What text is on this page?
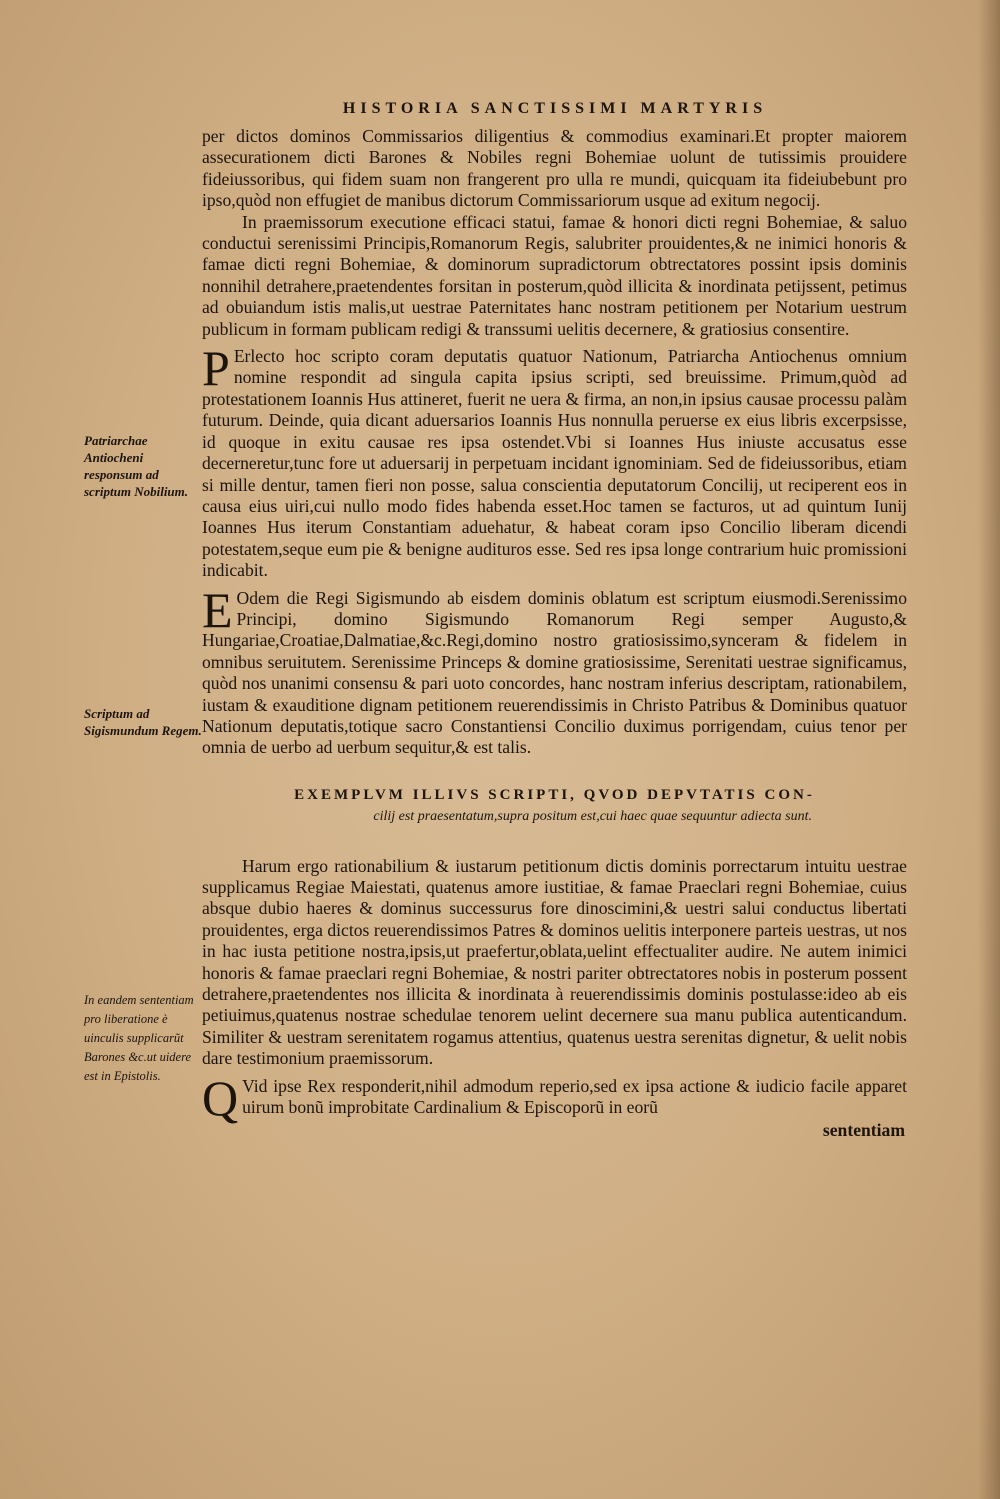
HISTORIA SANCTISSIMI MARTYRIS
Patriarchae Antiocheni responsum ad scriptum Nobilium.
Scriptum ad Sigismundum Regem.
In eandem sententiam pro liberatione è uinculis supplicarũt Barones &c.ut uidere est in Epistolis.

per dictos dominos Commissarios diligentius & commodius examinari.Et propter maiorem assecurationem dicti Barones & Nobiles regni Bohemiae uolunt de tutissimis prouidere fideiussoribus, qui fidem suam non frangerent pro ulla re mundi, quicquam ita fideiubebunt pro ipso,quòd non effugiet de manibus dictorum Commissariorum usque ad exitum negocij.

In praemissorum executione efficaci statui, famae & honori dicti regni Bohemiae, & saluo conductui serenissimi Principis,Romanorum Regis, salubriter prouidentes,& ne inimici honoris & famae dicti regni Bohemiae, & dominorum supradictorum obtrectatores possint ipsis dominis nonnihil detrahere,praetendentes forsitan in posterum,quòd illicita & inordinata petijssent, petimus ad obuiandum istis malis,ut uestrae Paternitates hanc nostram petitionem per Notarium uestrum publicum in formam publicam redigi & transsumi uelitis decernere, & gratiosius consentire.

P Erlecto hoc scripto coram deputatis quatuor Nationum, Patriarcha Antiochenus omnium nomine respondit ad singula capita ipsius scripti, sed breuissime. Primum,quòd ad protestationem Ioannis Hus attineret, fuerit ne uera & firma, an non,in ipsius causae processu palàm futurum. Deinde, quia dicant aduersarios Ioannis Hus nonnulla peruerse ex eius libris excerpsisse, id quoque in exitu causae res ipsa ostendet.Vbi si Ioannes Hus iniuste accusatus esse decerneretur,tunc fore ut aduersarij in perpetuam incidant ignominiam. Sed de fideiussoribus, etiam si mille dentur, tamen fieri non posse, salua conscientia deputatorum Concilij, ut reciperent eos in causa eius uiri,cui nullo modo fides habenda esset.Hoc tamen se facturos, ut ad quintum Iunij Ioannes Hus iterum Constantiam aduehatur, & habeat coram ipso Concilio liberam dicendi potestatem,seque eum pie & benigne audituros esse. Sed res ipsa longe contrarium huic promissioni indicabit.

E Odem die Regi Sigismundo ab eisdem dominis oblatum est scriptum eiusmodi.Serenissimo Principi, domino Sigismundo Romanorum Regi semper Augusto,& Hungariae,Croatiae,Dalmatiae,&c.Regi,domino nostro gratiosissimo,synceram & fidelem in omnibus seruitutem. Serenissime Princeps & domine gratiosissime, Serenitati uestrae significamus, quòd nos unanimi consensu & pari uoto concordes, hanc nostram inferius descriptam, rationabilem, iustam & exauditione dignam petitionem reuerendissimis in Christo Patribus & Dominibus quatuor Nationum deputatis,totique sacro Constantiensi Concilio duximus porrigendam, cuius tenor per omnia de uerbo ad uerbum sequitur,& est talis.

EXEMPLVM ILLIVS SCRIPTI, QVOD DEPVTATIS CON-

cilij est praesentatum,supra positum est,cui haec quae sequuntur adiecta sunt.

Harum ergo rationabilium & iustarum petitionum dictis dominis porrectarum intuitu uestrae supplicamus Regiae Maiestati, quatenus amore iustitiae, & famae Praeclari regni Bohemiae, cuius absque dubio haeres & dominus successurus fore dinoscimini,& uestri salui conductus libertati prouidentes, erga dictos reuerendissimos Patres & dominos uelitis interponere parteis uestras, ut nos in hac iusta petitione nostra,ipsis,ut praefertur,oblata,uelint effectualiter audire. Ne autem inimici honoris & famae praeclari regni Bohemiae, & nostri pariter obtrectatores nobis in posterum possent detrahere,praetendentes nos illicita & inordinata à reuerendissimis dominis postulasse:ideo ab eis petiuimus,quatenus nostrae schedulae tenorem uelint decernere sua manu publica autenticandum. Similiter & uestram serenitatem rogamus attentius, quatenus uestra serenitas dignetur, & uelit nobis dare testimonium praemissorum.

Q Vid ipse Rex responderit,nihil admodum reperio,sed ex ipsa actione & iudicio facile apparet uirum bonũ improbitate Cardinalium & Episcoporũ in eorũ

sententiam
